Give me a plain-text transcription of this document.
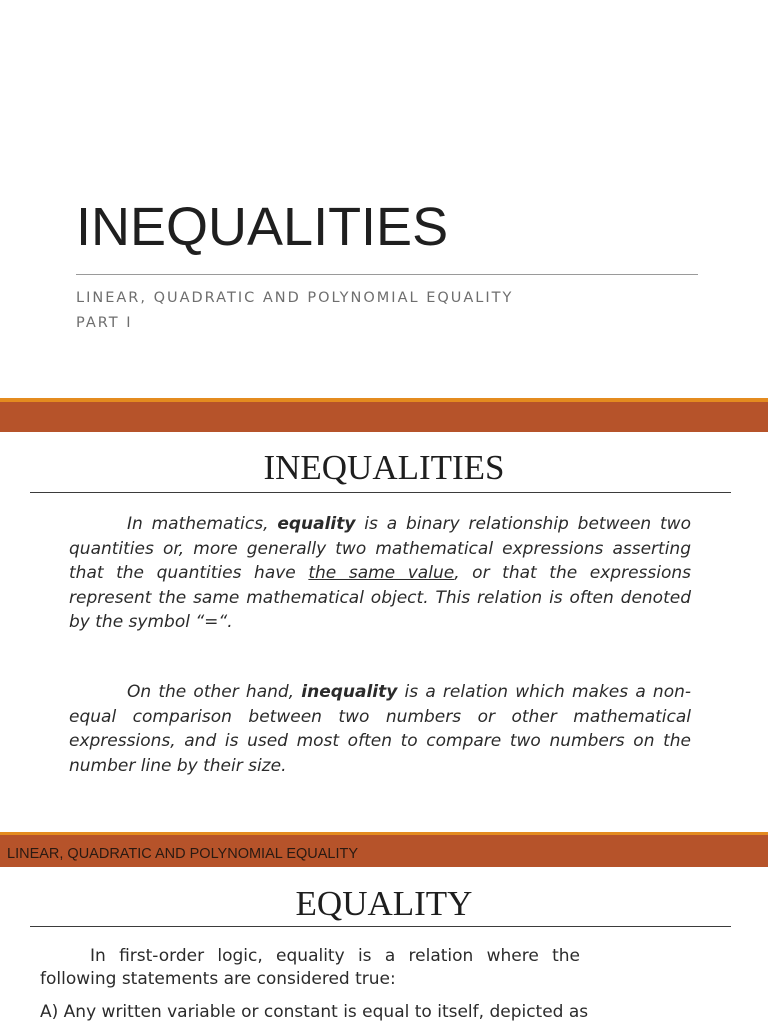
INEQUALITIES
LINEAR, QUADRATIC AND POLYNOMIAL EQUALITY
PART I
INEQUALITIES

In mathematics, equality is a binary relationship between two quantities or, more generally two mathematical expressions asserting that the quantities have the same value, or that the expressions represent the same mathematical object. This relation is often denoted by the symbol “=“.

On the other hand, inequality is a relation which makes a non-equal comparison between two numbers or other mathematical expressions, and is used most often to compare two numbers on the number line by their size.

LINEAR, QUADRATIC AND POLYNOMIAL EQUALITY
EQUALITY

In first-order logic, equality is a relation where the following statements are considered true:

A) Any written variable or constant is equal to itself, depicted as
